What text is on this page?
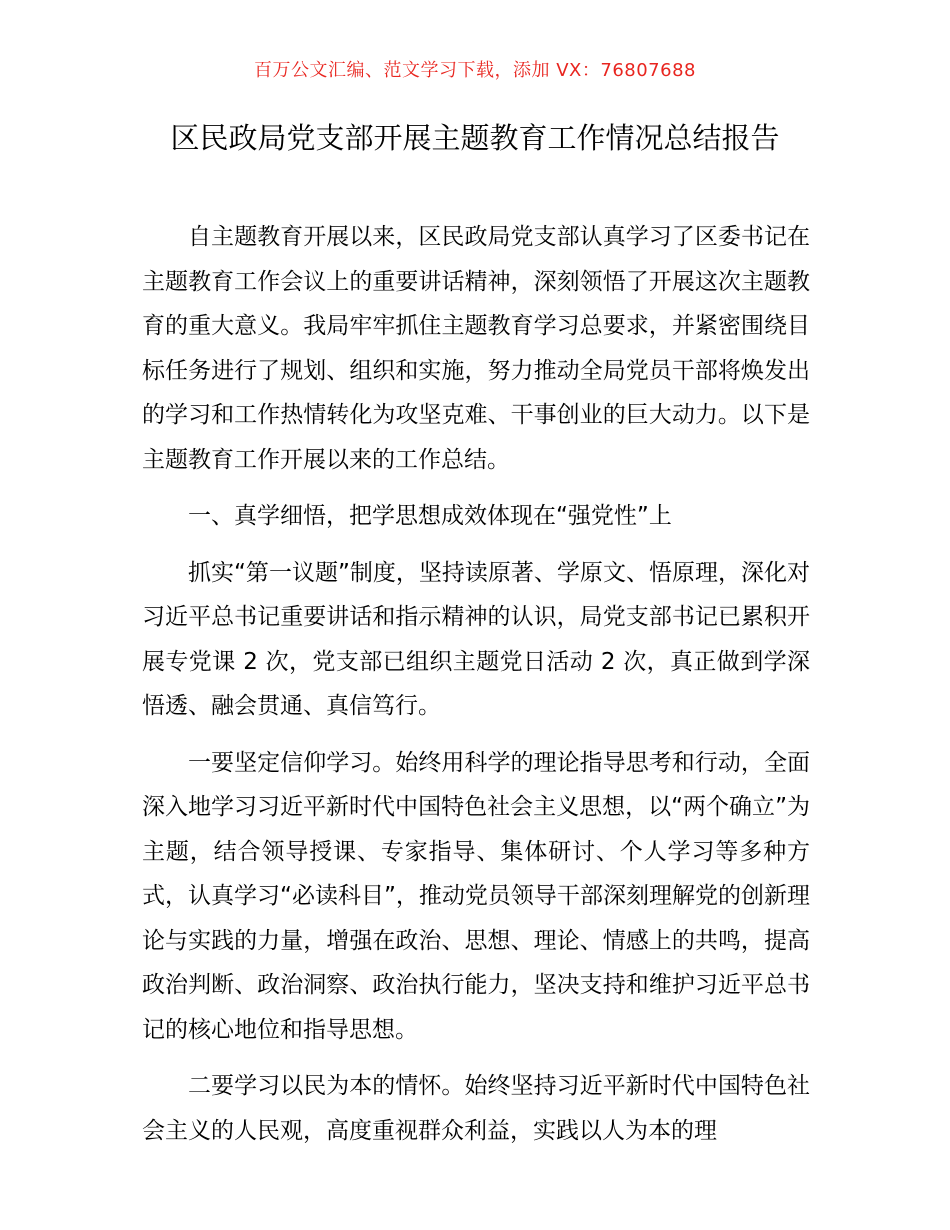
百万公文汇编、范文学习下载，添加 VX：76807688
区民政局党支部开展主题教育工作情况总结报告

自主题教育开展以来，区民政局党支部认真学习了区委书记在主题教育工作会议上的重要讲话精神，深刻领悟了开展这次主题教育的重大意义。我局牢牢抓住主题教育学习总要求，并紧密围绕目标任务进行了规划、组织和实施，努力推动全局党员干部将焕发出的学习和工作热情转化为攻坚克难、干事创业的巨大动力。以下是主题教育工作开展以来的工作总结。

一、真学细悟，把学思想成效体现在“强党性”上

抓实“第一议题”制度，坚持读原著、学原文、悟原理，深化对习近平总书记重要讲话和指示精神的认识，局党支部书记已累积开展专党课 2 次，党支部已组织主题党日活动 2 次，真正做到学深悟透、融会贯通、真信笃行。

一要坚定信仰学习。始终用科学的理论指导思考和行动，全面深入地学习习近平新时代中国特色社会主义思想，以“两个确立”为主题，结合领导授课、专家指导、集体研讨、个人学习等多种方式，认真学习“必读科目”，推动党员领导干部深刻理解党的创新理论与实践的力量，增强在政治、思想、理论、情感上的共鸣，提高政治判断、政治洞察、政治执行能力，坚决支持和维护习近平总书记的核心地位和指导思想。

二要学习以民为本的情怀。始终坚持习近平新时代中国特色社会主义的人民观，高度重视群众利益，实践以人为本的理
